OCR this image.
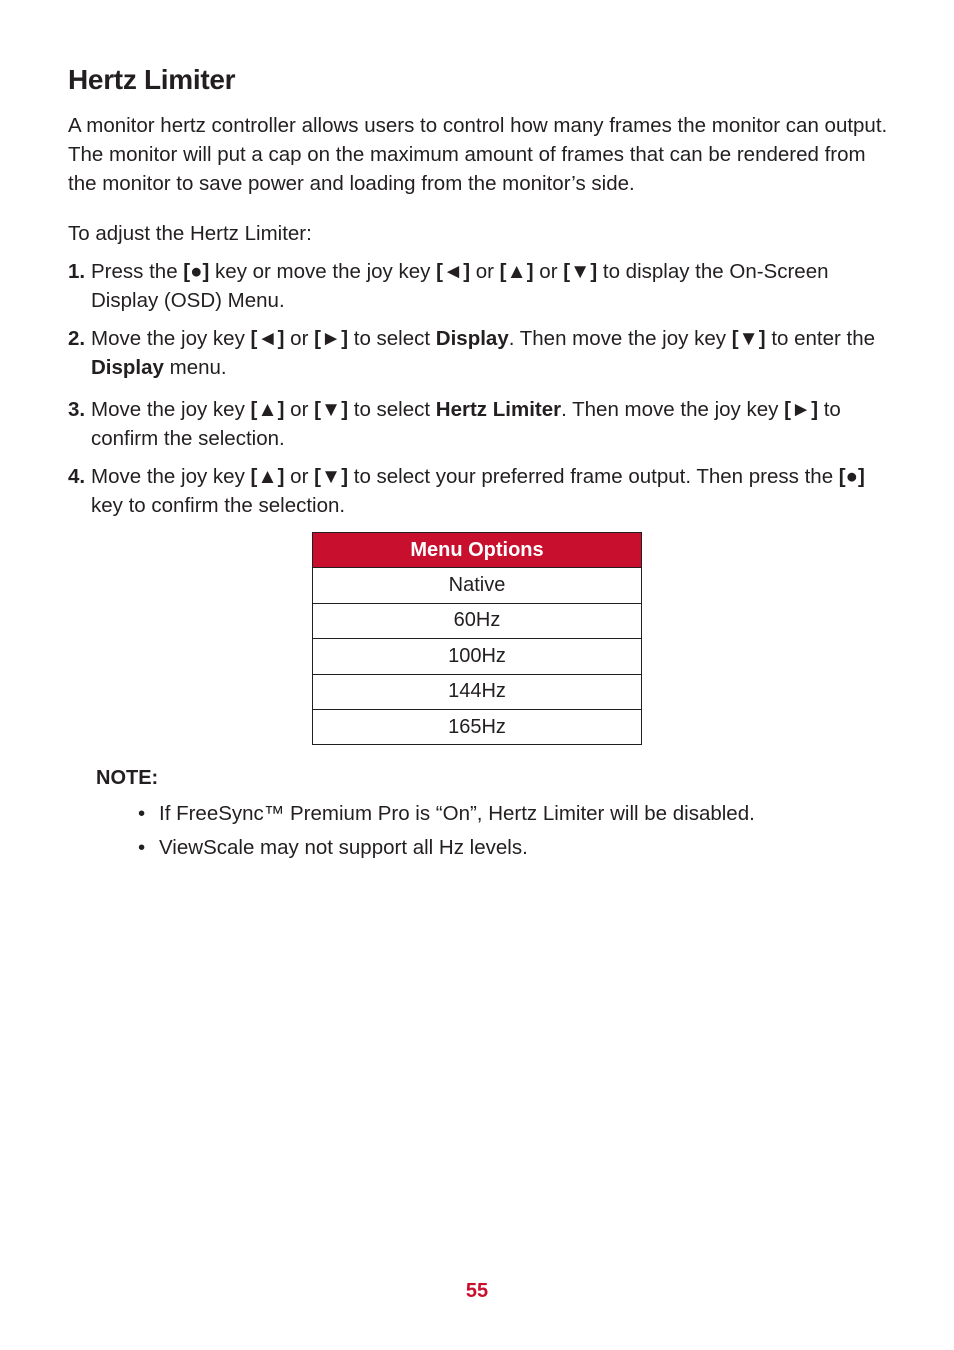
Hertz Limiter

A monitor hertz controller allows users to control how many frames the monitor can output. The monitor will put a cap on the maximum amount of frames that can be rendered from the monitor to save power and loading from the monitor’s side.

To adjust the Hertz Limiter:

1. Press the [●] key or move the joy key [◄] or [▲] or [▼] to display the On-Screen Display (OSD) Menu.
2. Move the joy key [◄] or [►] to select Display. Then move the joy key [▼] to enter the Display menu.
3. Move the joy key [▲] or [▼] to select Hertz Limiter. Then move the joy key [►] to confirm the selection.
4. Move the joy key [▲] or [▼] to select your preferred frame output. Then press the [●] key to confirm the selection.
Menu Options
Native
60Hz
100Hz
144Hz
165Hz
NOTE:
• If FreeSync™ Premium Pro is “On”, Hertz Limiter will be disabled.
• ViewScale may not support all Hz levels.
55
